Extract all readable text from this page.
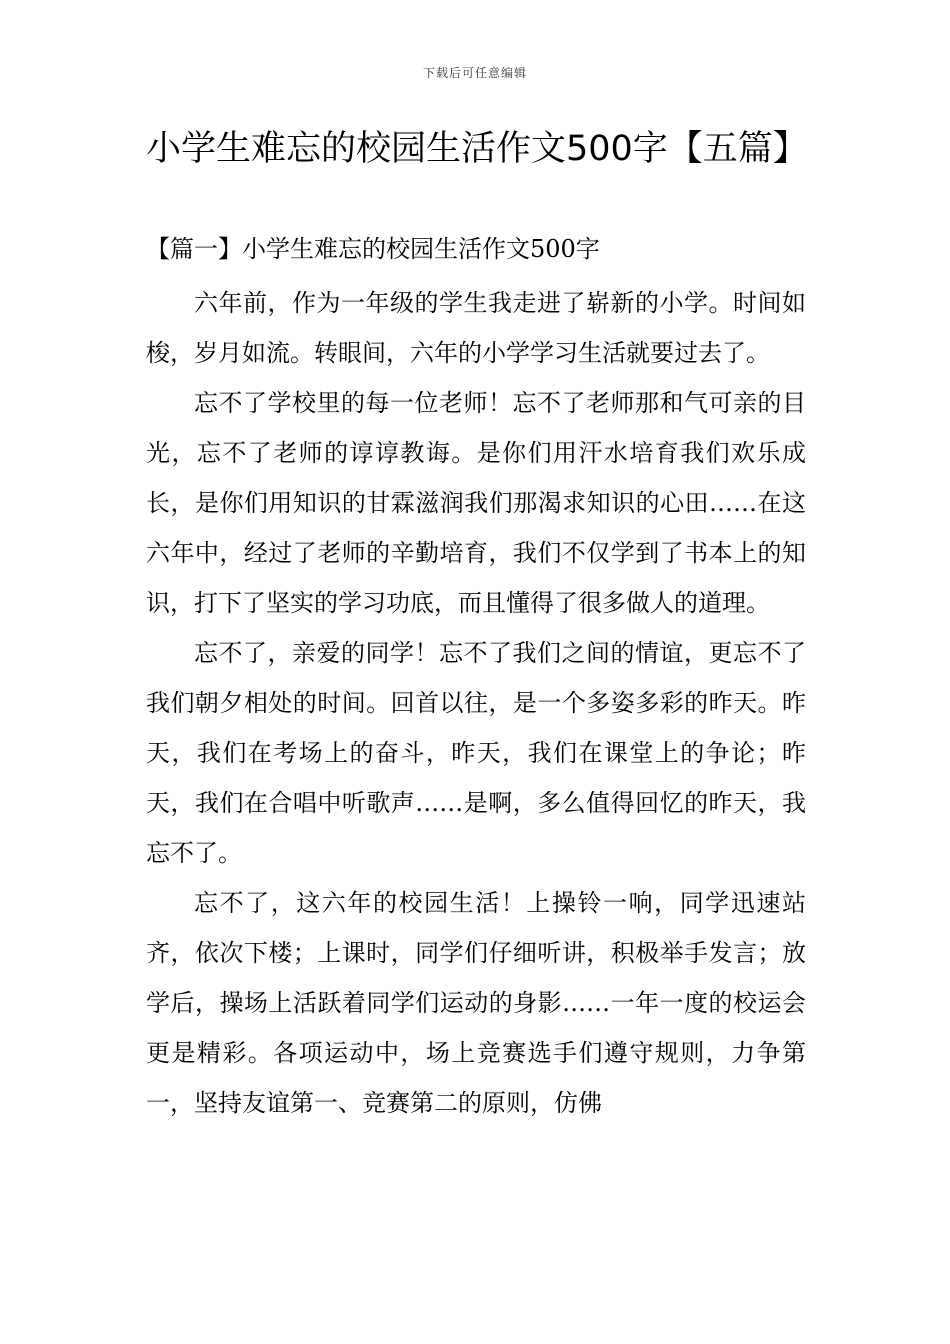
下载后可任意编辑
小学生难忘的校园生活作文500字【五篇】
【篇一】小学生难忘的校园生活作文500字

六年前，作为一年级的学生我走进了崭新的小学。时间如梭，岁月如流。转眼间，六年的小学学习生活就要过去了。

忘不了学校里的每一位老师！忘不了老师那和气可亲的目光，忘不了老师的谆谆教诲。是你们用汗水培育我们欢乐成长，是你们用知识的甘霖滋润我们那渴求知识的心田……在这六年中，经过了老师的辛勤培育，我们不仅学到了书本上的知识，打下了坚实的学习功底，而且懂得了很多做人的道理。

忘不了，亲爱的同学！忘不了我们之间的情谊，更忘不了我们朝夕相处的时间。回首以往，是一个多姿多彩的昨天。昨天，我们在考场上的奋斗，昨天，我们在课堂上的争论；昨天，我们在合唱中听歌声……是啊，多么值得回忆的昨天，我忘不了。

忘不了，这六年的校园生活！上操铃一响，同学迅速站齐，依次下楼；上课时，同学们仔细听讲，积极举手发言；放学后，操场上活跃着同学们运动的身影……一年一度的校运会更是精彩。各项运动中，场上竞赛选手们遵守规则，力争第一，坚持友谊第一、竞赛第二的原则，仿佛
